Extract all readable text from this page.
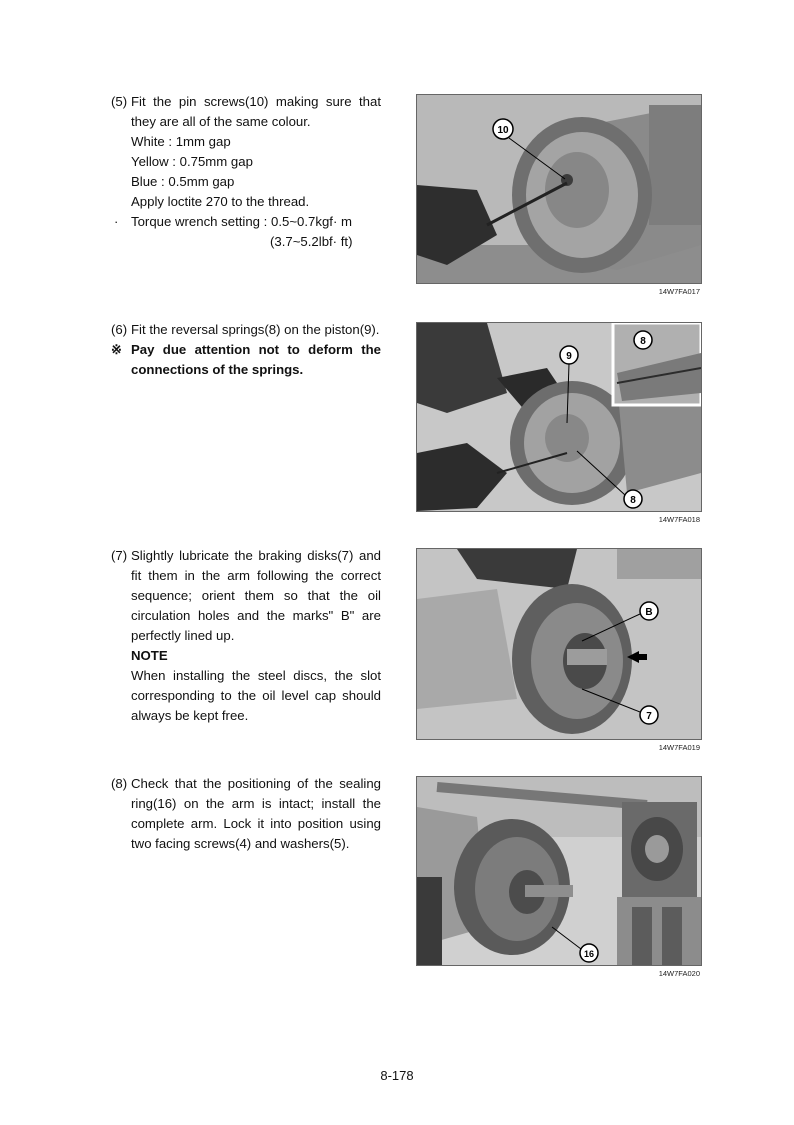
(5) Fit the pin screws(10) making sure that they are all of the same colour.
White : 1mm gap
Yellow : 0.75mm gap
Blue : 0.5mm gap
Apply loctite 270 to the thread.
· Torque wrench setting : 0.5~0.7kgf· m
(3.7~5.2lbf· ft)
(6) Fit the reversal springs(8) on the piston(9).
※ Pay due attention not to deform the connections of the springs.
(7) Slightly lubricate the braking disks(7) and fit them in the arm following the correct sequence; orient them so that the oil circulation holes and the marks" B" are perfectly lined up.
NOTE
When installing the steel discs, the slot corresponding to the oil level cap should always be kept free.
(8) Check that the positioning of the sealing ring(16) on the arm is intact; install the complete arm. Lock it into position using two facing screws(4) and washers(5).
10
14W7FA017
9
8
8
14W7FA018
B
7
14W7FA019
16
14W7FA020
8-178
